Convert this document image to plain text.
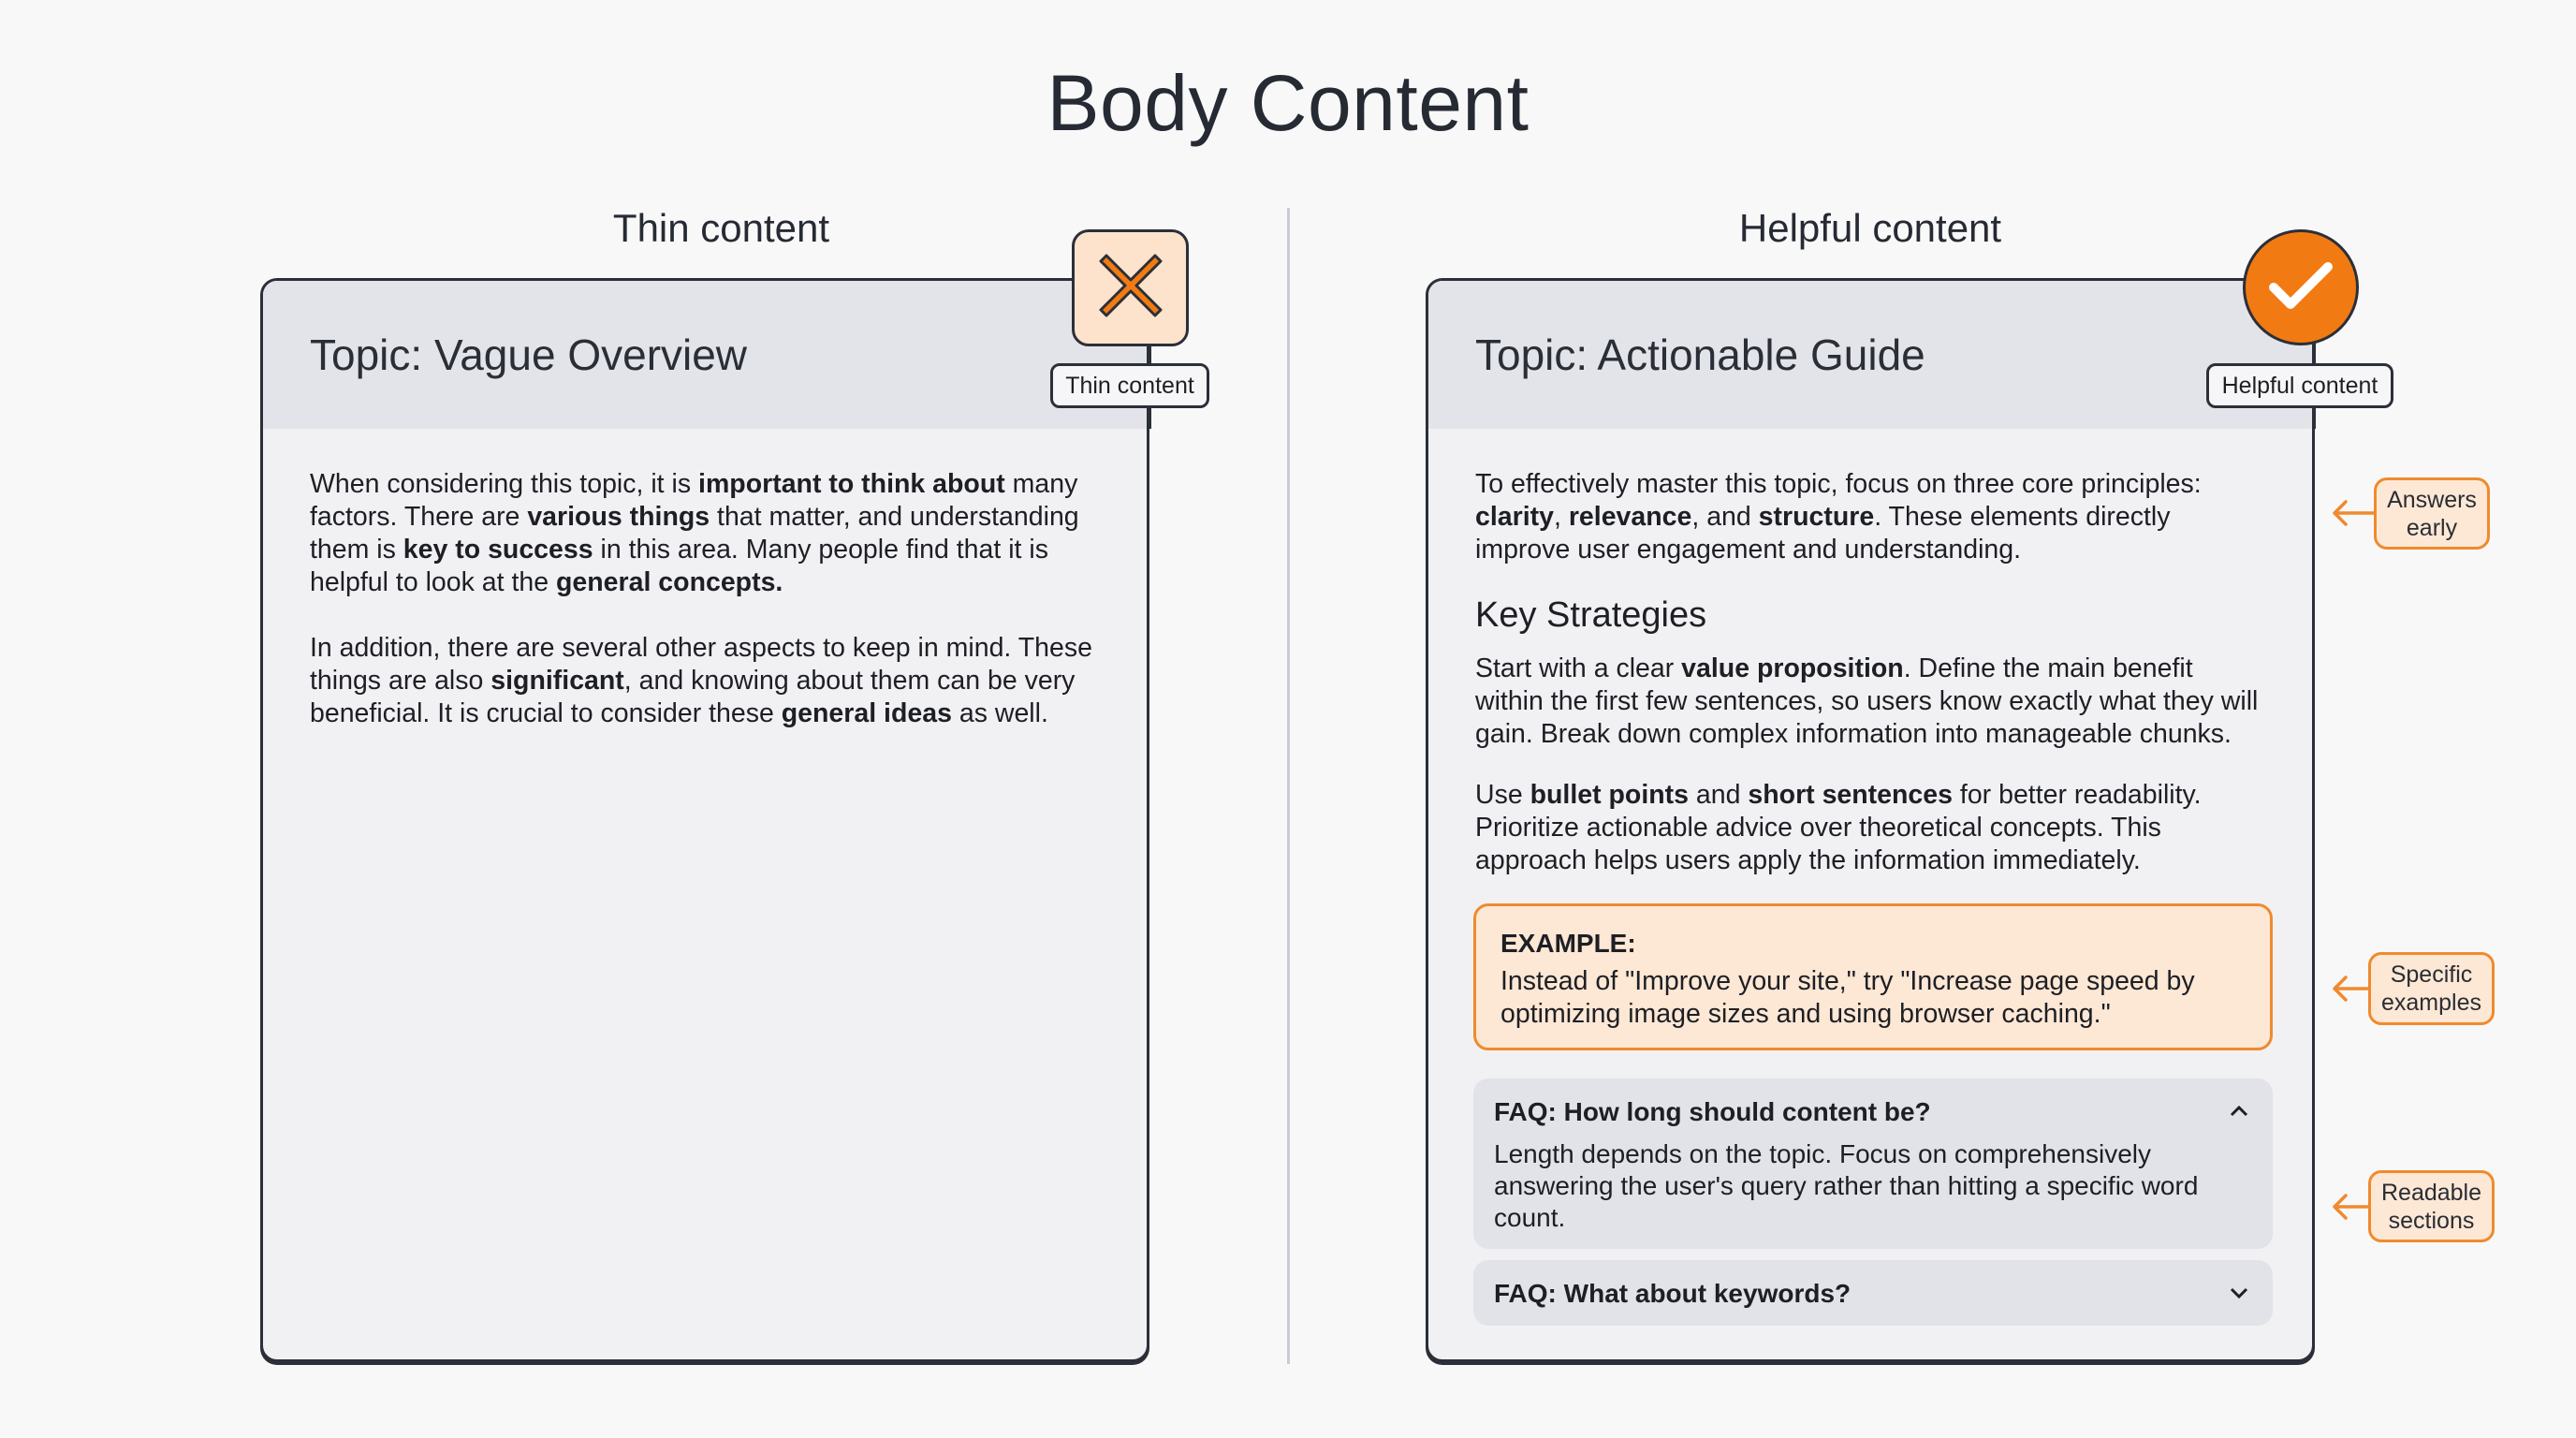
Body Content
Thin content	Helpful content
Topic: Vague Overview

When considering this topic, it is important to think about many factors. There are various things that matter, and understanding them is key to success in this area. Many people find that it is helpful to look at the general concepts.

In addition, there are several other aspects to keep in mind. These things are also significant, and knowing about them can be very beneficial. It is crucial to consider these general ideas as well.

Thin content
Topic: Actionable Guide

To effectively master this topic, focus on three core principles: clarity, relevance, and structure. These elements directly improve user engagement and understanding.

Key Strategies

Start with a clear value proposition. Define the main benefit within the first few sentences, so users know exactly what they will gain. Break down complex information into manageable chunks.

Use bullet points and short sentences for better readability. Prioritize actionable advice over theoretical concepts. This approach helps users apply the information immediately.

EXAMPLE:
Instead of "Improve your site," try "Increase page speed by optimizing image sizes and using browser caching."
FAQ: How long should content be?
Length depends on the topic. Focus on comprehensively answering the user's query rather than hitting a specific word count.
FAQ: What about keywords?
Helpful content
Answers early
Specific examples
Readable sections
